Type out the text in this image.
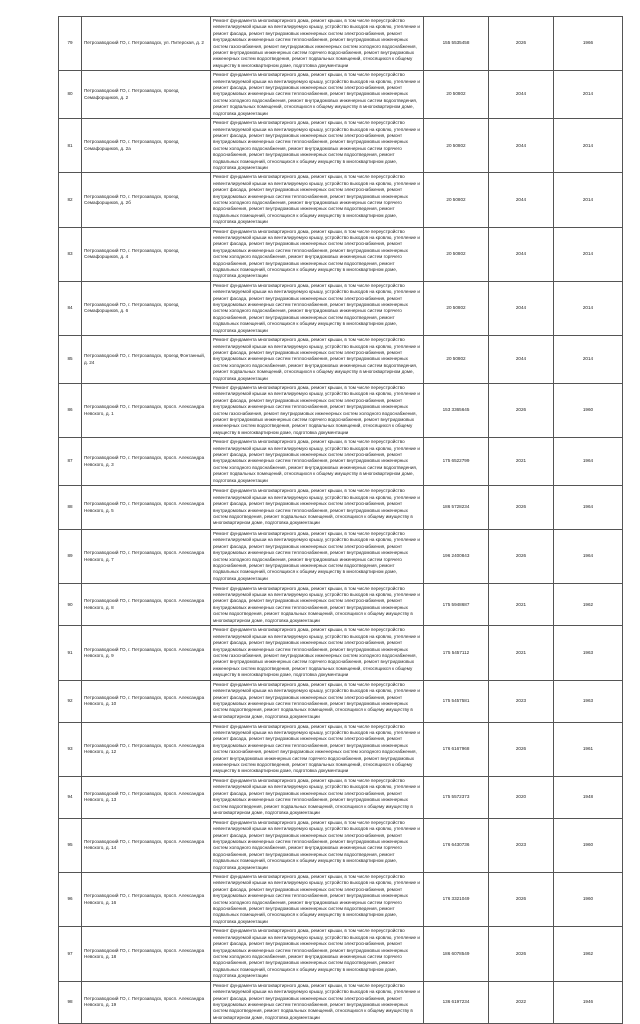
79	Петрозаводский ГО, г. Петрозаводск, ул. Питерская, д. 2	Ремонт фундамента многоквартирного дома, ремонт крыши, в том числе переустройство невентилируемой крыши на вентилируемую крышу, устройство выходов на кровлю, утепление и ремонт фасада, ремонт внутридомовых инженерных систем электроснабжения, ремонт внутридомовых инженерных систем теплоснабжения, ремонт внутридомовых инженерных систем газоснабжения, ремонт внутридомовых инженерных систем холодного водоснабжения, ремонт внутридомовых инженерных систем горячего водоснабжения, ремонт внутридомовых инженерных систем водоотведения, ремонт подвальных помещений, относящихся к общему имуществу в многоквартирном доме, подготовка документации	155 5535458	2026	1966
80	Петрозаводский ГО, г. Петрозаводск, проезд Семафорщиков, д. 2	Ремонт фундамента многоквартирного дома, ремонт крыши, в том числе переустройство невентилируемой крыши на вентилируемую крышу, устройство выходов на кровлю, утепление и ремонт фасада, ремонт внутридомовых инженерных систем электроснабжения, ремонт внутридомовых инженерных систем теплоснабжения, ремонт внутридомовых инженерных систем холодного водоснабжения, ремонт внутридомовых инженерных систем водоотведения, ремонт подвальных помещений, относящихся к общему имуществу в многоквартирном доме, подготовка документации	20 50802	2044	2014
81	Петрозаводский ГО, г. Петрозаводск, проезд Семафорщиков, д. 2а	Ремонт фундамента многоквартирного дома, ремонт крыши, в том числе переустройство невентилируемой крыши на вентилируемую крышу, устройство выходов на кровлю, утепление и ремонт фасада, ремонт внутридомовых инженерных систем электроснабжения, ремонт внутридомовых инженерных систем теплоснабжения, ремонт внутридомовых инженерных систем холодного водоснабжения, ремонт внутридомовых инженерных систем горячего водоснабжения, ремонт внутридомовых инженерных систем водоотведения, ремонт подвальных помещений, относящихся к общему имуществу в многоквартирном доме, подготовка документации	20 50802	2044	2014
82	Петрозаводский ГО, г. Петрозаводск, проезд Семафорщиков, д. 2б	Ремонт фундамента многоквартирного дома, ремонт крыши, в том числе переустройство невентилируемой крыши на вентилируемую крышу, устройство выходов на кровлю, утепление и ремонт фасада, ремонт внутридомовых инженерных систем электроснабжения, ремонт внутридомовых инженерных систем теплоснабжения, ремонт внутридомовых инженерных систем холодного водоснабжения, ремонт внутридомовых инженерных систем горячего водоснабжения, ремонт внутридомовых инженерных систем водоотведения, ремонт подвальных помещений, относящихся к общему имуществу в многоквартирном доме, подготовка документации	20 50802	2044	2014
83	Петрозаводский ГО, г. Петрозаводск, проезд Семафорщиков, д. 4	Ремонт фундамента многоквартирного дома, ремонт крыши, в том числе переустройство невентилируемой крыши на вентилируемую крышу, устройство выходов на кровлю, утепление и ремонт фасада, ремонт внутридомовых инженерных систем электроснабжения, ремонт внутридомовых инженерных систем теплоснабжения, ремонт внутридомовых инженерных систем холодного водоснабжения, ремонт внутридомовых инженерных систем горячего водоснабжения, ремонт внутридомовых инженерных систем водоотведения, ремонт подвальных помещений, относящихся к общему имуществу в многоквартирном доме, подготовка документации	20 50802	2044	2014
84	Петрозаводский ГО, г. Петрозаводск, проезд Семафорщиков, д. 6	Ремонт фундамента многоквартирного дома, ремонт крыши, в том числе переустройство невентилируемой крыши на вентилируемую крышу, устройство выходов на кровлю, утепление и ремонт фасада, ремонт внутридомовых инженерных систем электроснабжения, ремонт внутридомовых инженерных систем теплоснабжения, ремонт внутридомовых инженерных систем холодного водоснабжения, ремонт внутридомовых инженерных систем горячего водоснабжения, ремонт внутридомовых инженерных систем водоотведения, ремонт подвальных помещений, относящихся к общему имуществу в многоквартирном доме, подготовка документации	20 50802	2044	2014
85	Петрозаводский ГО, г. Петрозаводск, проезд Фонтанный, д. 24	Ремонт фундамента многоквартирного дома, ремонт крыши, в том числе переустройство невентилируемой крыши на вентилируемую крышу, устройство выходов на кровлю, утепление и ремонт фасада, ремонт внутридомовых инженерных систем электроснабжения, ремонт внутридомовых инженерных систем теплоснабжения, ремонт внутридомовых инженерных систем холодного водоснабжения, ремонт внутридомовых инженерных систем водоотведения, ремонт подвальных помещений, относящихся к общему имуществу в многоквартирном доме, подготовка документации	20 50802	2044	2014
86	Петрозаводский ГО, г. Петрозаводск, просп. Александра Невского, д. 1	Ремонт фундамента многоквартирного дома, ремонт крыши, в том числе переустройство невентилируемой крыши на вентилируемую крышу, устройство выходов на кровлю, утепление и ремонт фасада, ремонт внутридомовых инженерных систем электроснабжения, ремонт внутридомовых инженерных систем теплоснабжения, ремонт внутридомовых инженерных систем газоснабжения, ремонт внутридомовых инженерных систем холодного водоснабжения, ремонт внутридомовых инженерных систем горячего водоснабжения, ремонт внутридомовых инженерных систем водоотведения, ремонт подвальных помещений, относящихся к общему имуществу в многоквартирном доме, подготовка документации	153 3365645	2026	1960
87	Петрозаводский ГО, г. Петрозаводск, просп. Александра Невского, д. 3	Ремонт фундамента многоквартирного дома, ремонт крыши, в том числе переустройство невентилируемой крыши на вентилируемую крышу, устройство выходов на кровлю, утепление и ремонт фасада, ремонт внутридомовых инженерных систем электроснабжения, ремонт внутридомовых инженерных систем теплоснабжения, ремонт внутридомовых инженерных систем холодного водоснабжения, ремонт внутридомовых инженерных систем водоотведения, ремонт подвальных помещений, относящихся к общему имуществу в многоквартирном доме, подготовка документации	175 6522799	2021	1964
88	Петрозаводский ГО, г. Петрозаводск, просп. Александра Невского, д. 5	Ремонт фундамента многоквартирного дома, ремонт крыши, в том числе переустройство невентилируемой крыши на вентилируемую крышу, устройство выходов на кровлю, утепление и ремонт фасада, ремонт внутридомовых инженерных систем электроснабжения, ремонт внутридомовых инженерных систем теплоснабжения, ремонт внутридомовых инженерных систем водоотведения, ремонт подвальных помещений, относящихся к общему имуществу в многоквартирном доме, подготовка документации	186 5728234	2026	1964
89	Петрозаводский ГО, г. Петрозаводск, просп. Александра Невского, д. 7	Ремонт фундамента многоквартирного дома, ремонт крыши, в том числе переустройство невентилируемой крыши на вентилируемую крышу, устройство выходов на кровлю, утепление и ремонт фасада, ремонт внутридомовых инженерных систем электроснабжения, ремонт внутридомовых инженерных систем теплоснабжения, ремонт внутридомовых инженерных систем холодного водоснабжения, ремонт внутридомовых инженерных систем горячего водоснабжения, ремонт внутридомовых инженерных систем водоотведения, ремонт подвальных помещений, относящихся к общему имуществу в многоквартирном доме, подготовка документации	196 2400843	2026	1964
90	Петрозаводский ГО, г. Петрозаводск, просп. Александра Невского, д. 8	Ремонт фундамента многоквартирного дома, ремонт крыши, в том числе переустройство невентилируемой крыши на вентилируемую крышу, устройство выходов на кровлю, утепление и ремонт фасада, ремонт внутридомовых инженерных систем электроснабжения, ремонт внутридомовых инженерных систем теплоснабжения, ремонт внутридомовых инженерных систем водоотведения, ремонт подвальных помещений, относящихся к общему имуществу в многоквартирном доме, подготовка документации	175 5948687	2021	1962
91	Петрозаводский ГО, г. Петрозаводск, просп. Александра Невского, д. 9	Ремонт фундамента многоквартирного дома, ремонт крыши, в том числе переустройство невентилируемой крыши на вентилируемую крышу, устройство выходов на кровлю, утепление и ремонт фасада, ремонт внутридомовых инженерных систем электроснабжения, ремонт внутридомовых инженерных систем теплоснабжения, ремонт внутридомовых инженерных систем газоснабжения, ремонт внутридомовых инженерных систем холодного водоснабжения, ремонт внутридомовых инженерных систем горячего водоснабжения, ремонт внутридомовых инженерных систем водоотведения, ремонт подвальных помещений, относящихся к общему имуществу в многоквартирном доме, подготовка документации	175 5457112	2021	1963
92	Петрозаводский ГО, г. Петрозаводск, просп. Александра Невского, д. 10	Ремонт фундамента многоквартирного дома, ремонт крыши, в том числе переустройство невентилируемой крыши на вентилируемую крышу, устройство выходов на кровлю, утепление и ремонт фасада, ремонт внутридомовых инженерных систем электроснабжения, ремонт внутридомовых инженерных систем теплоснабжения, ремонт внутридомовых инженерных систем водоотведения, ремонт подвальных помещений, относящихся к общему имуществу в многоквартирном доме, подготовка документации	175 5457581	2023	1963
93	Петрозаводский ГО, г. Петрозаводск, просп. Александра Невского, д. 12	Ремонт фундамента многоквартирного дома, ремонт крыши, в том числе переустройство невентилируемой крыши на вентилируемую крышу, устройство выходов на кровлю, утепление и ремонт фасада, ремонт внутридомовых инженерных систем электроснабжения, ремонт внутридомовых инженерных систем теплоснабжения, ремонт внутридомовых инженерных систем газоснабжения, ремонт внутридомовых инженерных систем холодного водоснабжения, ремонт внутридомовых инженерных систем горячего водоснабжения, ремонт внутридомовых инженерных систем водоотведения, ремонт подвальных помещений, относящихся к общему имуществу в многоквартирном доме, подготовка документации	176 6167968	2026	1961
94	Петрозаводский ГО, г. Петрозаводск, просп. Александра Невского, д. 13	Ремонт фундамента многоквартирного дома, ремонт крыши, в том числе переустройство невентилируемой крыши на вентилируемую крышу, устройство выходов на кровлю, утепление и ремонт фасада, ремонт внутридомовых инженерных систем электроснабжения, ремонт внутридомовых инженерных систем теплоснабжения, ремонт внутридомовых инженерных систем водоотведения, ремонт подвальных помещений, относящихся к общему имуществу в многоквартирном доме, подготовка документации	175 5572373	2020	1948
95	Петрозаводский ГО, г. Петрозаводск, просп. Александра Невского, д. 14	Ремонт фундамента многоквартирного дома, ремонт крыши, в том числе переустройство невентилируемой крыши на вентилируемую крышу, устройство выходов на кровлю, утепление и ремонт фасада, ремонт внутридомовых инженерных систем электроснабжения, ремонт внутридомовых инженерных систем теплоснабжения, ремонт внутридомовых инженерных систем холодного водоснабжения, ремонт внутридомовых инженерных систем горячего водоснабжения, ремонт внутридомовых инженерных систем водоотведения, ремонт подвальных помещений, относящихся к общему имуществу в многоквартирном доме, подготовка документации	176 6430736	2023	1960
96	Петрозаводский ГО, г. Петрозаводск, просп. Александра Невского, д. 16	Ремонт фундамента многоквартирного дома, ремонт крыши, в том числе переустройство невентилируемой крыши на вентилируемую крышу, устройство выходов на кровлю, утепление и ремонт фасада, ремонт внутридомовых инженерных систем электроснабжения, ремонт внутридомовых инженерных систем теплоснабжения, ремонт внутридомовых инженерных систем холодного водоснабжения, ремонт внутридомовых инженерных систем горячего водоснабжения, ремонт внутридомовых инженерных систем водоотведения, ремонт подвальных помещений, относящихся к общему имуществу в многоквартирном доме, подготовка документации	176 3321049	2026	1960
97	Петрозаводский ГО, г. Петрозаводск, просп. Александра Невского, д. 18	Ремонт фундамента многоквартирного дома, ремонт крыши, в том числе переустройство невентилируемой крыши на вентилируемую крышу, устройство выходов на кровлю, утепление и ремонт фасада, ремонт внутридомовых инженерных систем электроснабжения, ремонт внутридомовых инженерных систем теплоснабжения, ремонт внутридомовых инженерных систем холодного водоснабжения, ремонт внутридомовых инженерных систем горячего водоснабжения, ремонт внутридомовых инженерных систем водоотведения, ремонт подвальных помещений, относящихся к общему имуществу в многоквартирном доме, подготовка документации	186 6078549	2026	1962
98	Петрозаводский ГО, г. Петрозаводск, просп. Александра Невского, д. 19	Ремонт фундамента многоквартирного дома, ремонт крыши, в том числе переустройство невентилируемой крыши на вентилируемую крышу, устройство выходов на кровлю, утепление и ремонт фасада, ремонт внутридомовых инженерных систем электроснабжения, ремонт внутридомовых инженерных систем теплоснабжения, ремонт внутридомовых инженерных систем водоотведения, ремонт подвальных помещений, относящихся к общему имуществу в многоквартирном доме, подготовка документации	136 6197234	2022	1946
